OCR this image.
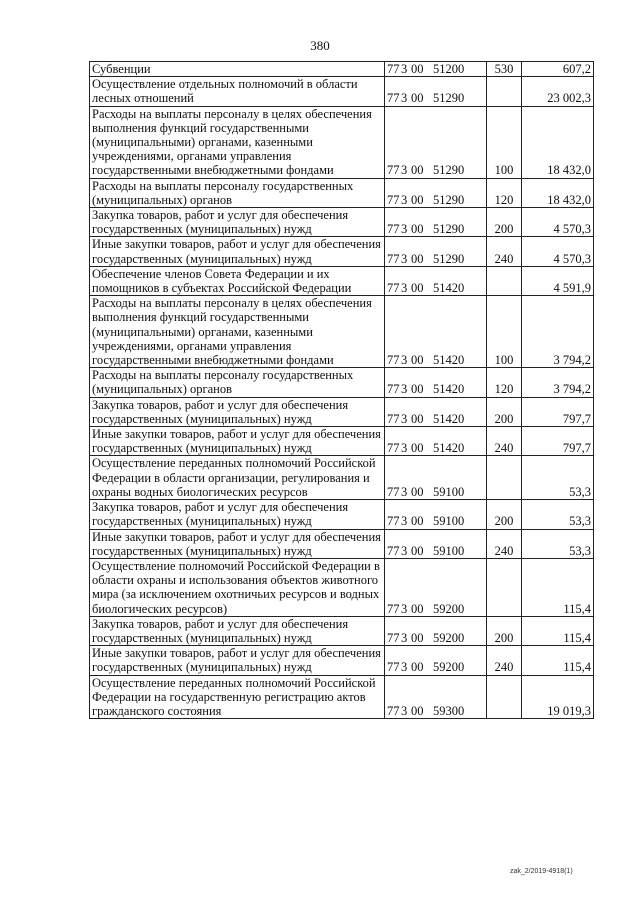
380
Субвенции	77 3 00 51200	530	607,2
Осуществление отдельных полномочий в области лесных отношений	77 3 00 51290		23 002,3
Расходы на выплаты персоналу в целях обеспечения выполнения функций государственными (муниципальными) органами, казенными учреждениями, органами управления государственными внебюджетными фондами	77 3 00 51290	100	18 432,0
Расходы на выплаты персоналу государственных (муниципальных) органов	77 3 00 51290	120	18 432,0
Закупка товаров, работ и услуг для обеспечения государственных (муниципальных) нужд	77 3 00 51290	200	4 570,3
Иные закупки товаров, работ и услуг для обеспечения государственных (муниципальных) нужд	77 3 00 51290	240	4 570,3
Обеспечение членов Совета Федерации и их помощников в субъектах Российской Федерации	77 3 00 51420		4 591,9
Расходы на выплаты персоналу в целях обеспечения выполнения функций государственными (муниципальными) органами, казенными учреждениями, органами управления государственными внебюджетными фондами	77 3 00 51420	100	3 794,2
Расходы на выплаты персоналу государственных (муниципальных) органов	77 3 00 51420	120	3 794,2
Закупка товаров, работ и услуг для обеспечения государственных (муниципальных) нужд	77 3 00 51420	200	797,7
Иные закупки товаров, работ и услуг для обеспечения государственных (муниципальных) нужд	77 3 00 51420	240	797,7
Осуществление переданных полномочий Российской Федерации в области организации, регулирования и охраны водных биологических ресурсов	77 3 00 59100		53,3
Закупка товаров, работ и услуг для обеспечения государственных (муниципальных) нужд	77 3 00 59100	200	53,3
Иные закупки товаров, работ и услуг для обеспечения государственных (муниципальных) нужд	77 3 00 59100	240	53,3
Осуществление полномочий Российской Федерации в области охраны и использования объектов животного мира (за исключением охотничьих ресурсов и водных биологических ресурсов)	77 3 00 59200		115,4
Закупка товаров, работ и услуг для обеспечения государственных (муниципальных) нужд	77 3 00 59200	200	115,4
Иные закупки товаров, работ и услуг для обеспечения государственных (муниципальных) нужд	77 3 00 59200	240	115,4
Осуществление переданных полномочий Российской Федерации на государственную регистрацию актов гражданского состояния	77 3 00 59300		19 019,3
zak_2/2019-4918(1)
